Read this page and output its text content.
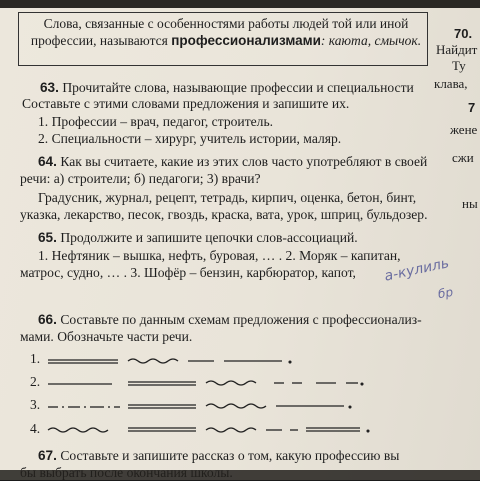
Слова, связанные с особенностями работы людей той или иной
профессии, называются профессионализмами: каюта, смычок.	70.
Найдит
Ту
клава,
7
жене
сжи
ны
63. Прочитайте слова, называющие профессии и специальности
Составьте с этими словами предложения и запишите их.
1. Профессии – врач, педагог, строитель.
2. Специальности – хирург, учитель истории, маляр.
64. Как вы считаете, какие из этих слов часто употребляют в своей
речи: а) строители; б) педагоги; 3) врачи?
Градусник, журнал, рецепт, тетрадь, кирпич, оценка, бетон, бинт,
указка, лекарство, песок, гвоздь, краска, вата, урок, шприц, бульдозер.
65. Продолжите и запишите цепочки слов-ассоциаций.
1. Нефтяник – вышка, нефть, буровая, … . 2. Моряк – капитан,
матрос, судно, … . 3. Шофёр – бензин, карбюратор, капот, а-кулиль
бр
66. Составьте по данным схемам предложения с профессионализ-
мами. Обозначьте части речи.
1.
2.
3.
4.
67. Составьте и запишите рассказ о том, какую профессию вы
